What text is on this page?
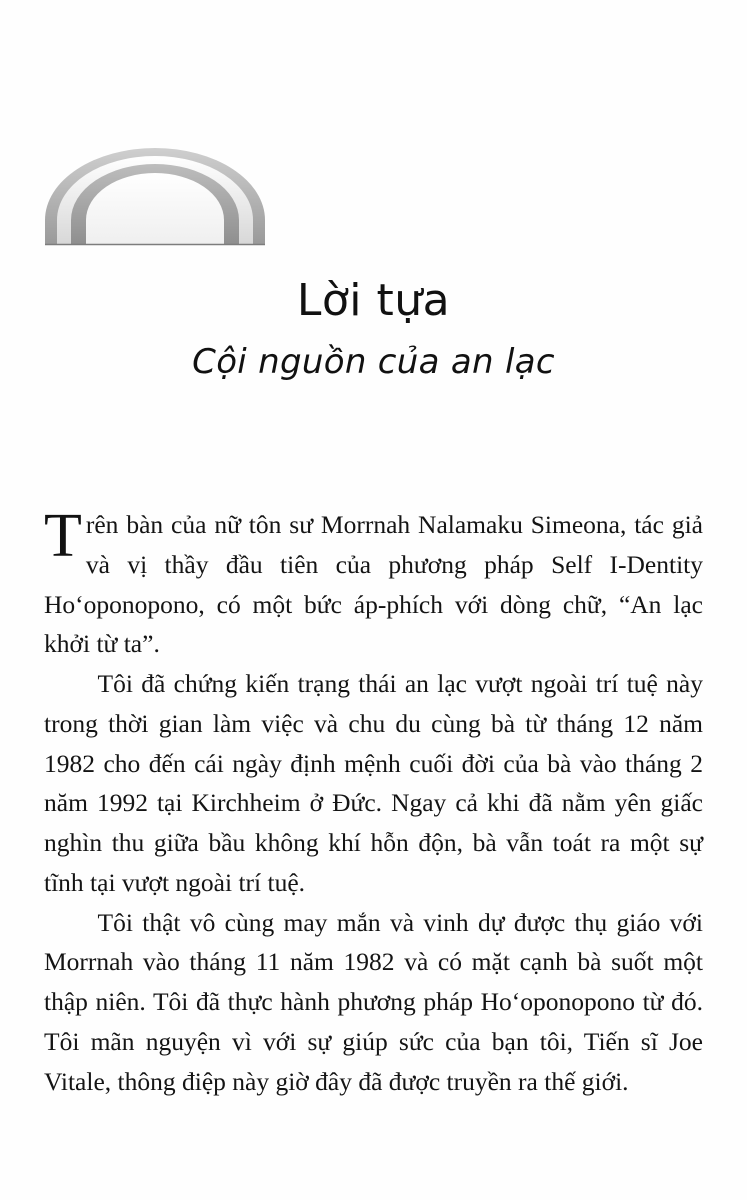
Lời tựa
Cội nguồn của an lạc

Trên bàn của nữ tôn sư Morrnah Nalamaku Simeona, tác giả và vị thầy đầu tiên của phương pháp Self I-Dentity Ho‘oponopono, có một bức áp-phích với dòng chữ, “An lạc khởi từ ta”.

Tôi đã chứng kiến trạng thái an lạc vượt ngoài trí tuệ này trong thời gian làm việc và chu du cùng bà từ tháng 12 năm 1982 cho đến cái ngày định mệnh cuối đời của bà vào tháng 2 năm 1992 tại Kirchheim ở Đức. Ngay cả khi đã nằm yên giấc nghìn thu giữa bầu không khí hỗn độn, bà vẫn toát ra một sự tĩnh tại vượt ngoài trí tuệ.

Tôi thật vô cùng may mắn và vinh dự được thụ giáo với Morrnah vào tháng 11 năm 1982 và có mặt cạnh bà suốt một thập niên. Tôi đã thực hành phương pháp Ho‘oponopono từ đó. Tôi mãn nguyện vì với sự giúp sức của bạn tôi, Tiến sĩ Joe Vitale, thông điệp này giờ đây đã được truyền ra thế giới.
